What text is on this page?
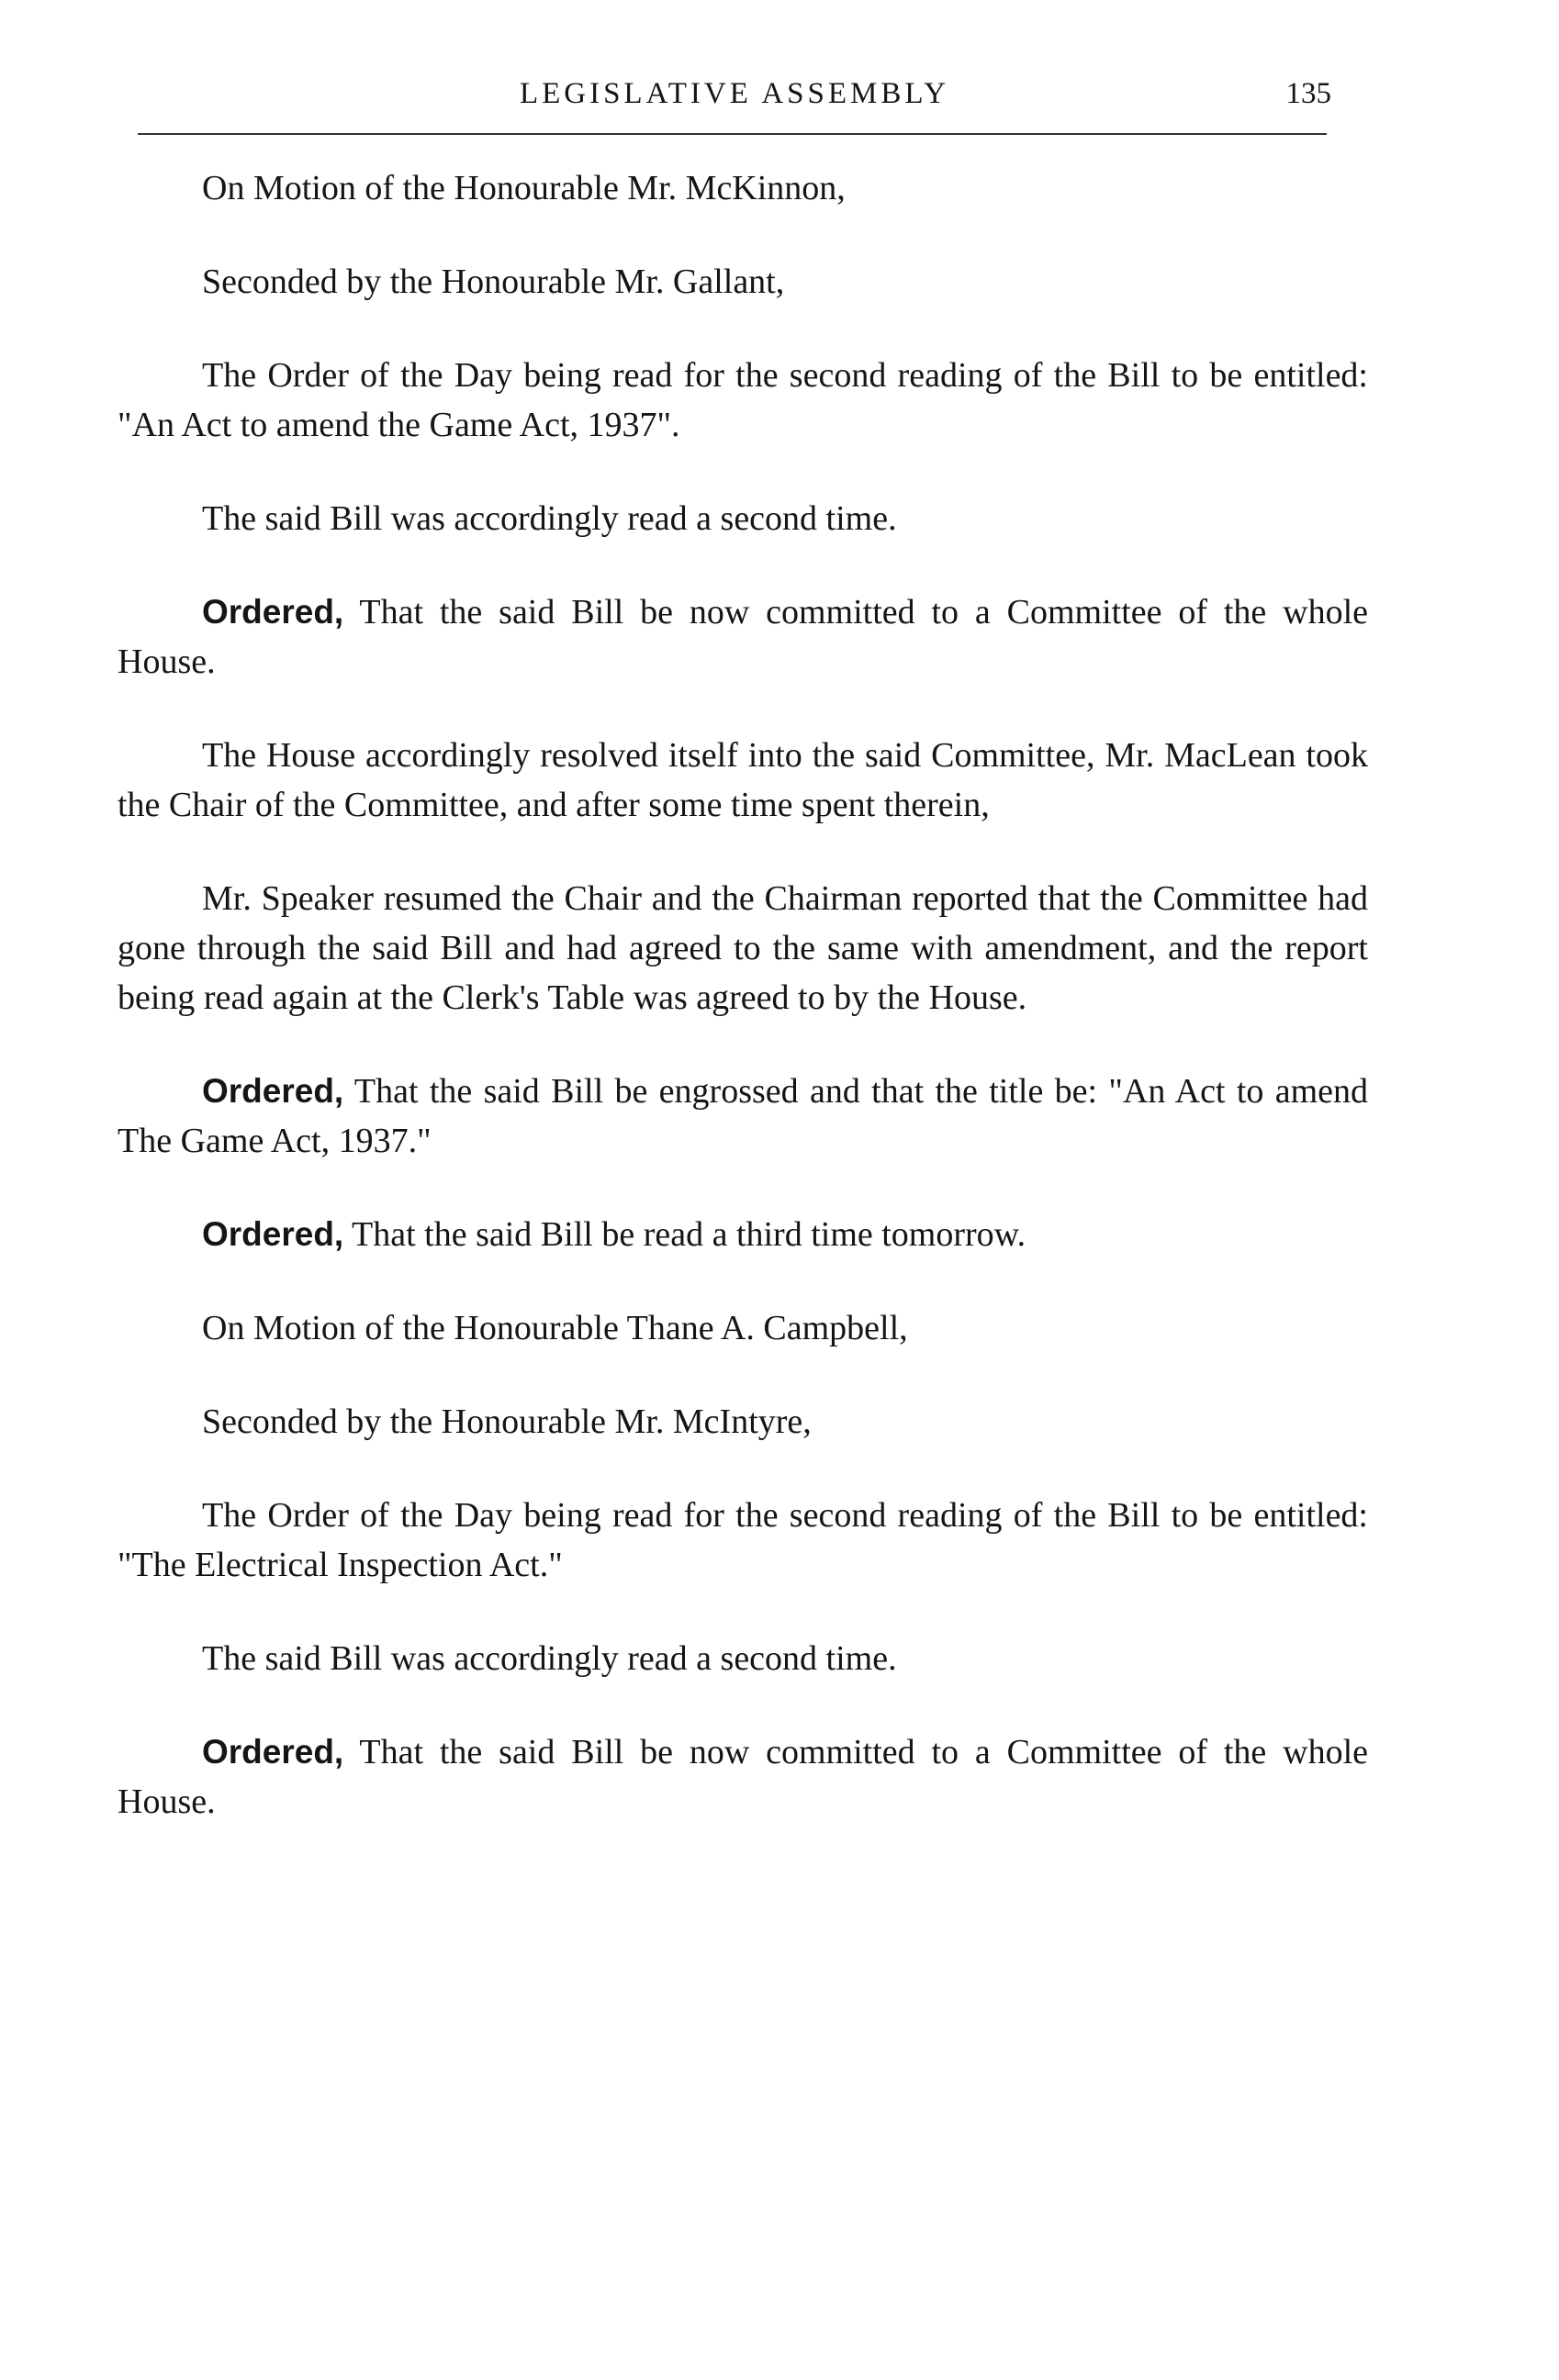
LEGISLATIVE ASSEMBLY	135

On Motion of the Honourable Mr. McKinnon,

Seconded by the Honourable Mr. Gallant,

The Order of the Day being read for the second reading of the Bill to be entitled: "An Act to amend the Game Act, 1937".

The said Bill was accordingly read a second time.

Ordered, That the said Bill be now committed to a Committee of the whole House.

The House accordingly resolved itself into the said Committee, Mr. MacLean took the Chair of the Committee, and after some time spent therein,

Mr. Speaker resumed the Chair and the Chairman reported that the Committee had gone through the said Bill and had agreed to the same with amendment, and the report being read again at the Clerk's Table was agreed to by the House.

Ordered, That the said Bill be engrossed and that the title be: "An Act to amend The Game Act, 1937."

Ordered, That the said Bill be read a third time tomorrow.

On Motion of the Honourable Thane A. Campbell,

Seconded by the Honourable Mr. McIntyre,

The Order of the Day being read for the second reading of the Bill to be entitled: "The Electrical Inspection Act."

The said Bill was accordingly read a second time.

Ordered, That the said Bill be now committed to a Committee of the whole House.
